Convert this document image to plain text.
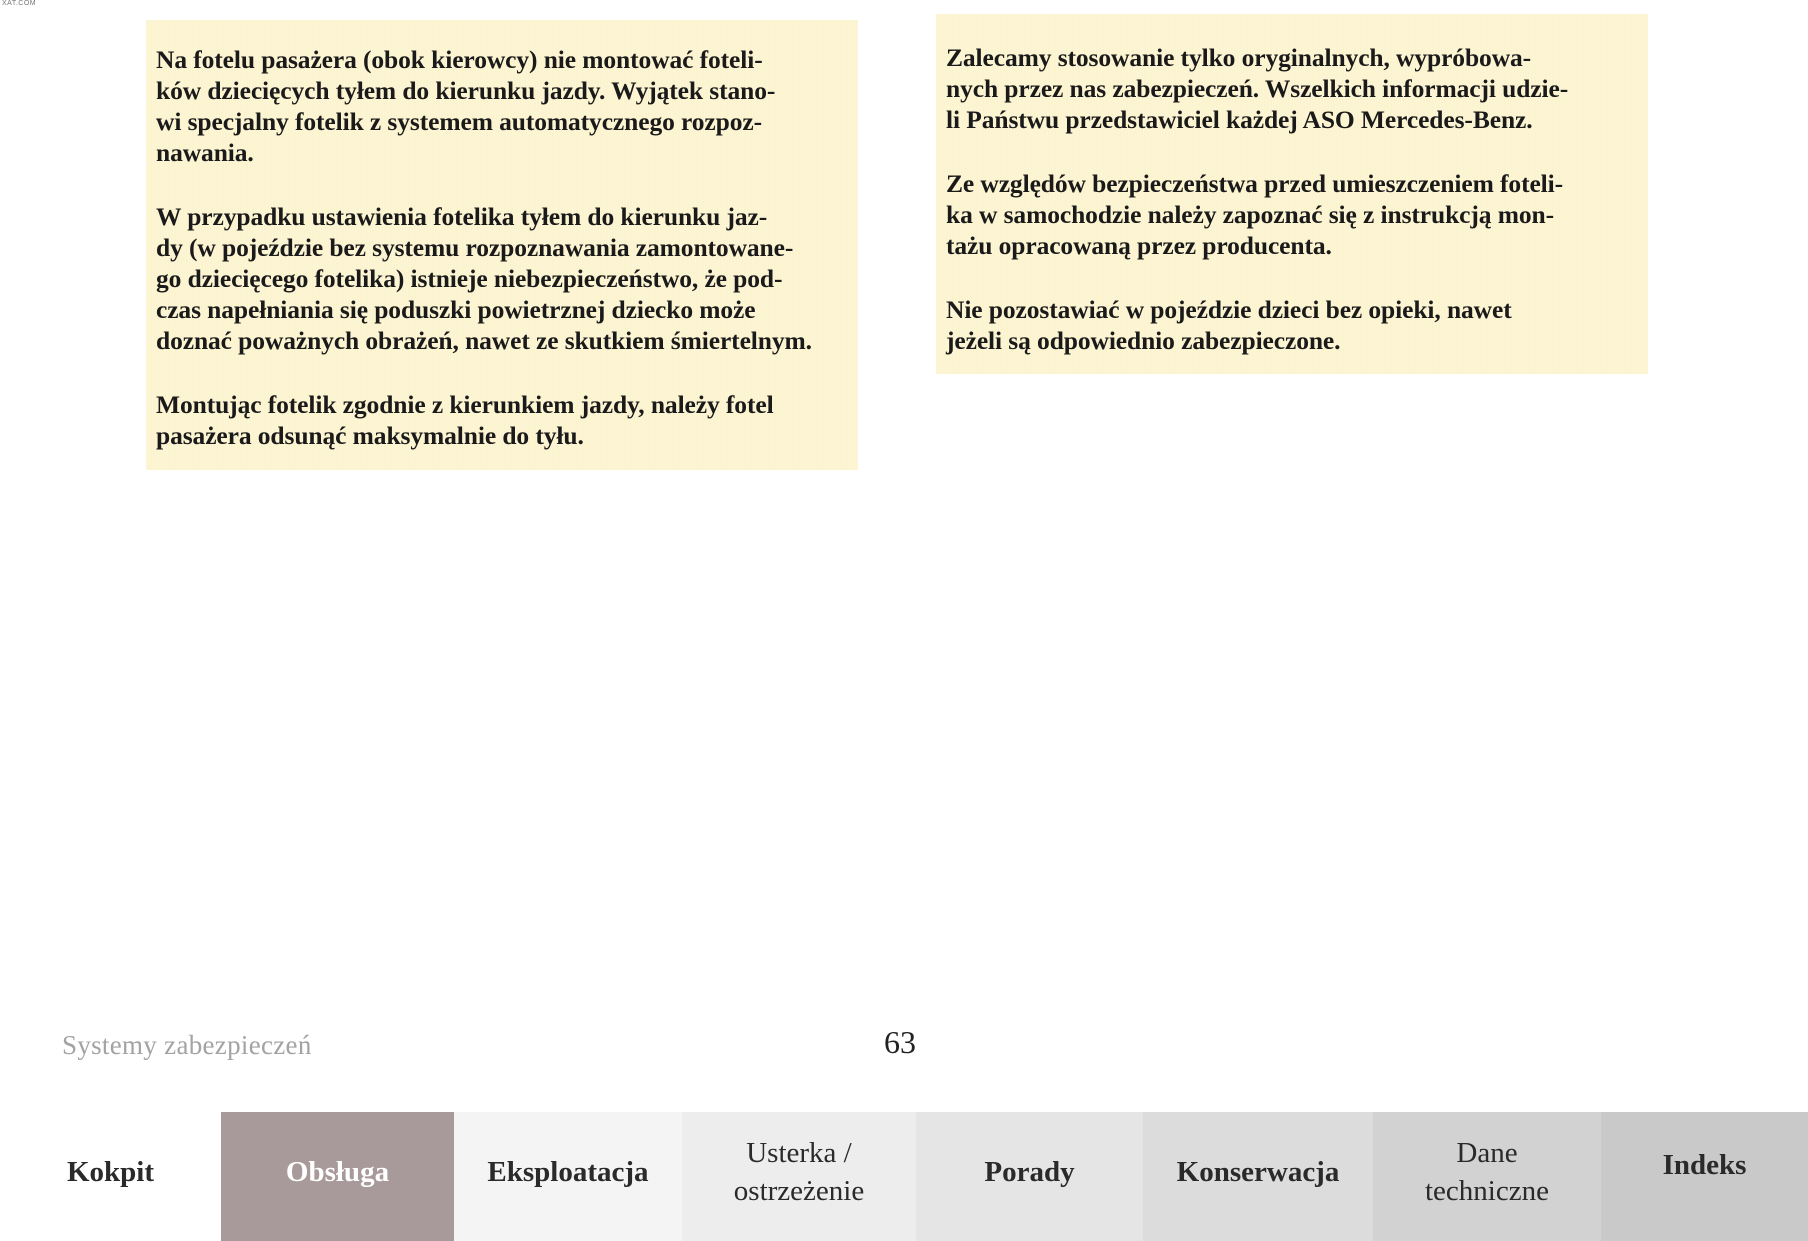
XAT.COM

Na fotelu pasażera (obok kierowcy) nie montować foteli-
ków dziecięcych tyłem do kierunku jazdy. Wyjątek stano-
wi specjalny fotelik z systemem automatycznego rozpoz-
nawania.

W przypadku ustawienia fotelika tyłem do kierunku jaz-
dy (w pojeździe bez systemu rozpoznawania zamontowane-
go dziecięcego fotelika) istnieje niebezpieczeństwo, że pod-
czas napełniania się poduszki powietrznej dziecko może
doznać poważnych obrażeń, nawet ze skutkiem śmiertelnym.

Montując fotelik zgodnie z kierunkiem jazdy, należy fotel
pasażera odsunąć maksymalnie do tyłu.

Zalecamy stosowanie tylko oryginalnych, wypróbowa-
nych przez nas zabezpieczeń. Wszelkich informacji udzie-
li Państwu przedstawiciel każdej ASO Mercedes-Benz.

Ze względów bezpieczeństwa przed umieszczeniem foteli-
ka w samochodzie należy zapoznać się z instrukcją mon-
tażu opracowaną przez producenta.

Nie pozostawiać w pojeździe dzieci bez opieki, nawet
jeżeli są odpowiednio zabezpieczone.

Systemy zabezpieczeń	63
Kokpit	Obsługa	Eksploatacja
Usterka /
ostrzeżenie
Porady	Konserwacja
Dane
techniczne
Indeks
